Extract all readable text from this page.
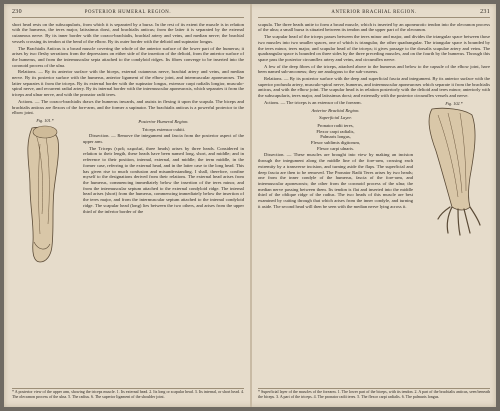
230	POSTERIOR HUMERAL REGION.

short head rests on the subscapularis, from which it is separated by a bursa. In the rest of its extent the muscle is in relation with the humerus, the teres major, latissimus dorsi, and brachialis anticus; from the latter it is separated by the external cutaneous nerve. By its inner border with the coraco-brachialis, brachial artery and veins, and median nerve; the brachial vessels crossing its tendon at the bend of the elbow. By its outer border with the deltoid and supinator longus.

The Brachialis Anticus is a broad muscle covering the whole of the anterior surface of the lower part of the humerus; it arises by two fleshy serrations from the depressions on either side of the insertion of the deltoid, from the anterior surface of the humerus, and from the intermuscular septa attached to the condyloid ridges. Its fibres converge to be inserted into the coronoid process of the ulna.

Relations. — By its anterior surface with the biceps, external cutaneous nerve, brachial artery and veins, and median nerve. By its posterior surface with the humerus, anterior ligament of the elbow joint, and intermuscular aponeuroses. The latter separates it from the triceps. By its external border with the supinator longus, extensor carpi radialis longior, musculo-spiral nerve, and recurrent radial artery. By its internal border with the intermuscular aponeurosis, which separates it from the triceps and ulnar nerve, and with the pronator radii teres.

Actions. — The coraco-brachialis draws the humerus inwards, and assists in flexing it upon the scapula. The biceps and brachialis anticus are flexors of the fore-arm, and the former a supinator. The brachialis anticus is a powerful protector to the elbow joint.

Fig. 101.*	Posterior Humeral Region.
Triceps extensor cubiti.

Dissection. — Remove the integument and fascia from the posterior aspect of the upper arm.

The Triceps (τρεῖς κεφαλαί, three heads) arises by three heads. Considered in relation to their length, these heads have been named long, short, and middle; and in reference to their position, internal, external, and middle; the term middle, in the former case, referring to the external head, and in the latter case to the long head. This has given rise to much confusion and misunderstanding. I shall, therefore, confine myself to the designations derived from their relations. The external head arises from the humerus, commencing immediately below the insertion of the teres minor, and from the intermuscular septum attached to the external condyloid ridge. The internal head arises (short) from the humerus, commencing immediately below the insertion of the teres major, and from the intermuscular septum attached to the internal condyloid ridge. The scapular head (long) lies between the two others, and arises from the upper third of the inferior border of the

* A posterior view of the upper arm, showing the triceps muscle. 1. Its external head. 2. Its long or scapular head. 3. Its internal, or short head. 4. The olecranon process of the ulna. 5. The radius. 6. The superior ligament of the shoulder joint.
ANTERIOR BRACHIAL REGION.	231

scapula. The three heads unite to form a broad muscle, which is inserted by an aponeurotic tendon into the olecranon process of the ulna; a small bursa is situated between its tendon and the upper part of the olecranon.

The scapular head of the triceps passes between the teres minor and major, and divides the triangular space between those two muscles into two smaller spaces, one of which is triangular, the other quadrangular. The triangular space is bounded by the teres minor, teres major, and scapular head of the triceps; it gives passage to the dorsalis scapulae artery and veins. The quadrangular space is bounded on three sides by the three preceding muscles, and on the fourth by the humerus. Through this space pass the posterior circumflex artery and veins, and circumflex nerve.

A few of the deep fibres of the triceps, attached above to the humerus and below to the capsule of the elbow joint, have been named sub-anconeus; they are analogous to the sub-crureus.

Relations. — By its posterior surface with the deep and superficial fascia and integument. By its anterior surface with the superior profunda artery, musculo-spiral nerve, humerus, and intermuscular aponeuroses which separate it from the brachialis anticus, and with the elbow joint. The scapular head is in relation posteriorly with the deltoid and teres minor; anteriorly with the subscapularis, teres major, and latissimus dorsi; and externally with the posterior circumflex vessels and nerve.

Fig. 102.*

Actions. — The triceps is an extensor of the forearm.

Anterior Brachial Region.
Superficial Layer.
Pronator radii teres,
Flexor carpi radialis,
Palmaris longus,
Flexor sublimis digitorum,
Flexor carpi ulnaris.

Dissection. — These muscles are brought into view by making an incision through the integument along the middle line of the fore-arm, crossing each extremity by a transverse incision, and turning aside the flaps. The superficial and deep fascia are then to be removed. The Pronator Radii Teres arises by two heads; one from the inner condyle of the humerus, fascia of the fore-arm, and intermuscular aponeurosis; the other from the coronoid process of the ulna; the median nerve passing between them. Its tendon is flat and inserted into the middle third of the oblique ridge of the radius. The two heads of this muscle are best examined by cutting through that which arises from the inner condyle, and turning it aside. The second head will then be seen with the median nerve lying across it.

* Superficial layer of the muscles of the forearm. 1. The lower part of the biceps, with its tendon. 2. A part of the brachialis anticus, seen beneath the biceps. 3. A part of the triceps. 4. The pronator radii teres. 5. The flexor carpi radialis. 6. The palmaris longus.
